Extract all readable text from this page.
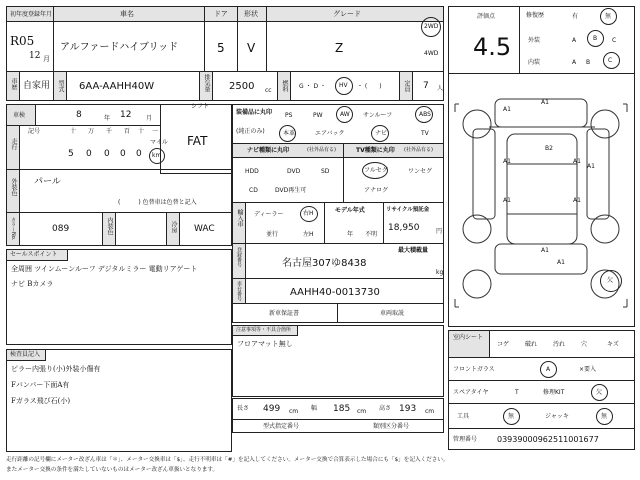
初年度登録年月	車名	ドア 形状	グレード
R05
12 月
アルファードハイブリッド	5 V	Z
2WD
4WD
車歴 自家用 型式 6AA-AAHH40W	排気量 2500 cc 燃料 G ・ D ・ HV ・ (　　)	定員 7 人
車検	8	年 12 月
シフト
FAT
走行
記号	十 万 千 百 十 一
マイル
5 0 0 0 0 km
外装色 パール
(　　　) 色替車は色替と記入
カラーNo.	089	内装色	冷房 WAC
セールスポイント
全周囲 ツインムーンルーフ デジタルミラー 電動リアゲート
ナビ Bカメラ
検査員記入
ピラー内張り(小)外装小傷有
Fバンパー下面A有
Fガラス飛び石(小)
装備品に丸印
(純正のみ)
PS	PW	AW サンルーフ	ABS
本革	エアバック	ナビ	TV
ナビ種類に丸印	(社外品有る)
HDD	DVD	SD
CD	DVD再生可
TV種類に丸印 (社外品有る)
フルセグ	ワンセグ
アナログ
輸入車 ディーラー	右H
並行	左H
モデル年式
年 不明
リサイクル預託金
18,950	円
登録番号	名古屋307ゆ8438
最大積載量
kg
車台番号	AAHH40-0013730
新車保証書	車両取説
注意事項等・不具合箇所
フロアマット無し
長さ 499 cm 幅 185 cm 高さ 193 cm
型式指定番号	類別区分番号
評価点
4.5
修復歴	有	無
外装	A	B C
内装	A B	C
A1
A1
A1	A1
A1
A1	A1
A1
B2
A1
欠
室内シート
コゲ	破れ	汚れ	穴	キズ
フロントガラス	A	×要入
スペアタイヤ	T	修理KIT	欠
工具	無	ジャッキ	無
管理番号 03939000962511001677
走行距離の記号欄にメーター改ざん車は「＊」、メーター交換車は「$」、走行不明車は「#」を記入してください。メーター交換で合算表示した場合にも「$」を記入ください。
またメーター交換の条件を満たしていないものはメーター改ざん車扱いとなります。
